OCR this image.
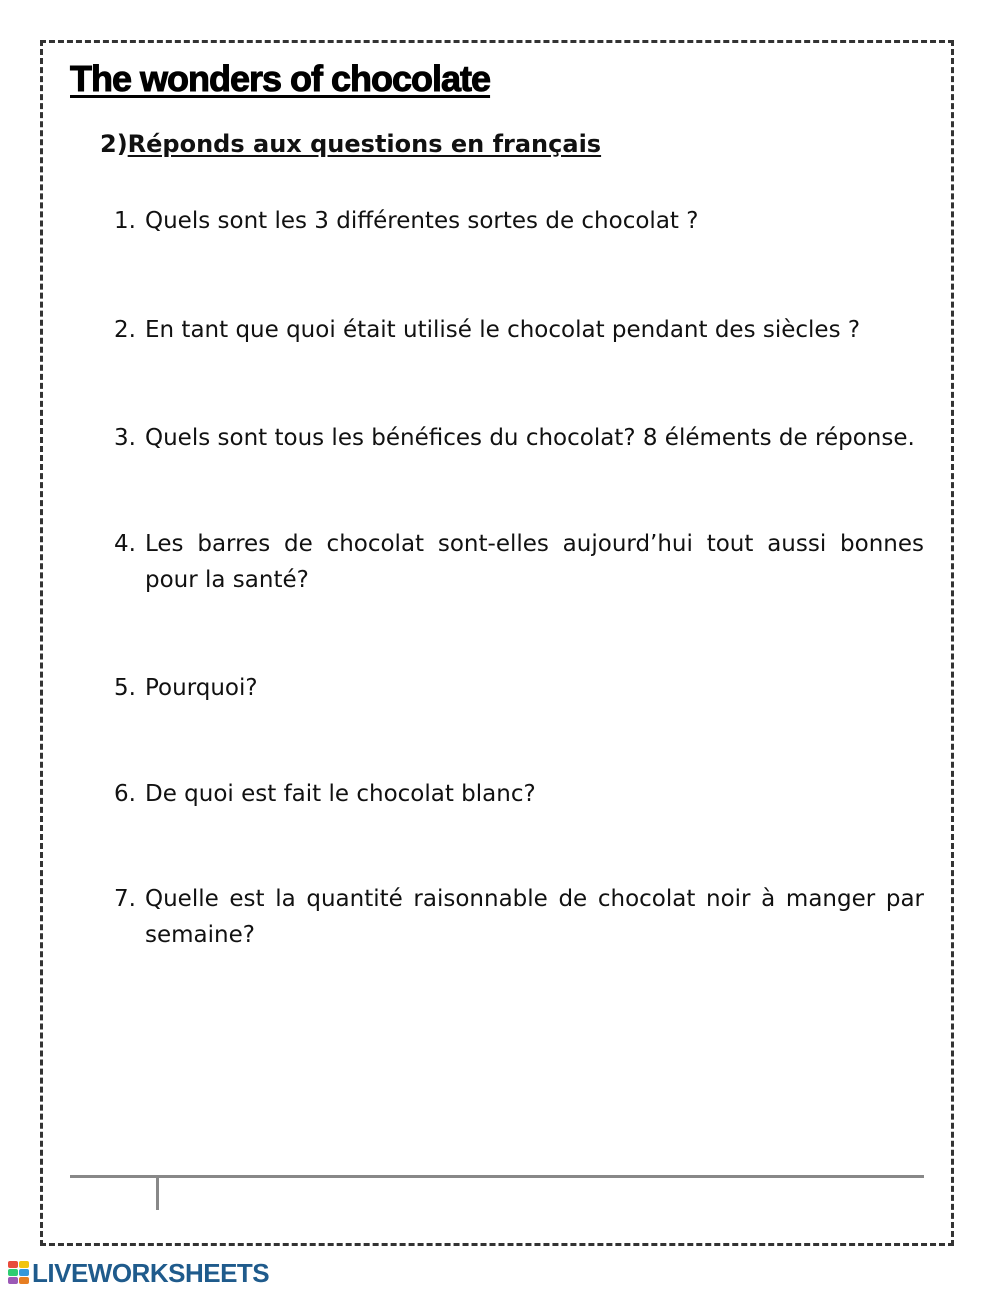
The wonders of chocolate
2)Réponds aux questions en français
1. Quels sont les 3 différentes sortes de chocolat ?
2. En tant que quoi était utilisé le chocolat pendant des siècles ?
3. Quels sont tous les bénéfices du chocolat? 8 éléments de réponse.
4. Les barres de chocolat sont-elles aujourd’hui tout aussi bonnes pour la santé?
5. Pourquoi?
6. De quoi est fait le chocolat blanc?
7. Quelle est la quantité raisonnable de chocolat noir à manger par semaine?
LIVEWORKSHEETS
